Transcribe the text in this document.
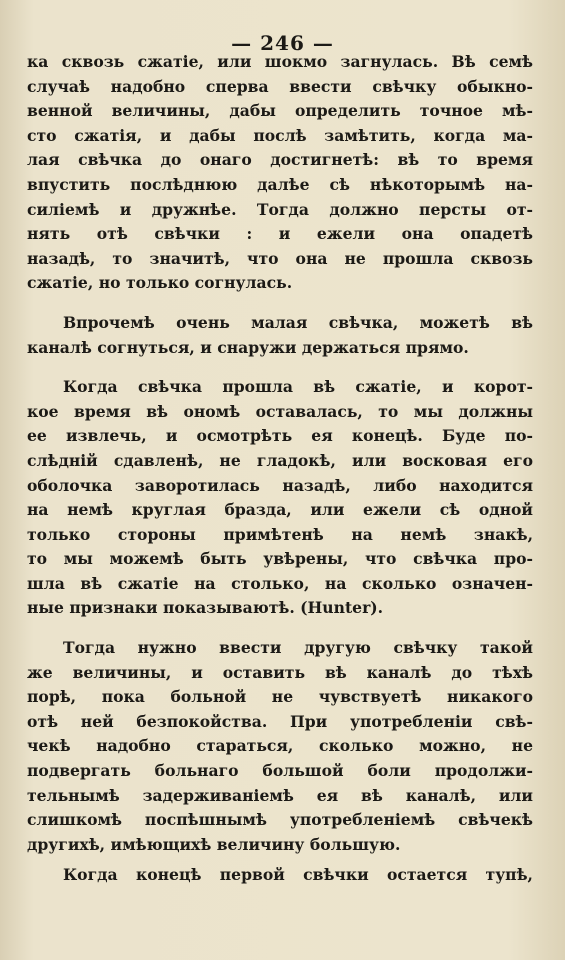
— 246 —
ка сквозь сжатiе, или шокмо загнулась. Вѣ семѣ
случаѣ надобно сперва ввести свѣчку обыкно-
венной величины, дабы определить точное мѣ-
сто сжатiя, и дабы послѣ замѣтить, когда ма-
лая свѣчка до онаго достигнетѣ: вѣ то время
впустить послѣднюю далѣе сѣ нѣкоторымѣ на-
силiемѣ и дружнѣе. Тогда должно персты от-
нять отѣ свѣчки : и ежели она опадетѣ
назадѣ, то значитѣ, что она не прошла сквозь
сжатiе, но только согнулась.
Впрочемѣ очень малая свѣчка, можетѣ вѣ
каналѣ согнуться, и снаружи держаться прямо.
Когда свѣчка прошла вѣ сжатiе, и корот-
кое время вѣ ономѣ оставалась, то мы должны
ее извлечь, и осмотрѣть ея конецѣ. Буде по-
слѣднiй сдавленѣ, не гладокѣ, или восковая его
оболочка заворотилась назадѣ, либо находится
на немѣ круглая бразда, или ежели сѣ одной
только стороны примѣтенѣ на немѣ знакѣ,
то мы можемѣ быть увѣрены, что свѣчка про-
шла вѣ сжатiе на столько, на сколько означен-
ные признаки показываютѣ. (Hunter).
Тогда нужно ввести другую свѣчку такой
же величины, и оставить вѣ каналѣ до тѣхѣ
порѣ, пока больной не чувствуетѣ никакого
отѣ ней безпокойства. При употребленiи свѣ-
чекѣ надобно стараться, сколько можно, не
подвергать больнаго большой боли продолжи-
тельнымѣ задерживанiемѣ ея вѣ каналѣ, или
слишкомѣ поспѣшнымѣ употребленiемѣ свѣчекѣ
другихѣ, имѣющихѣ величину большую.
Когда конецѣ первой свѣчки остается тупѣ,
